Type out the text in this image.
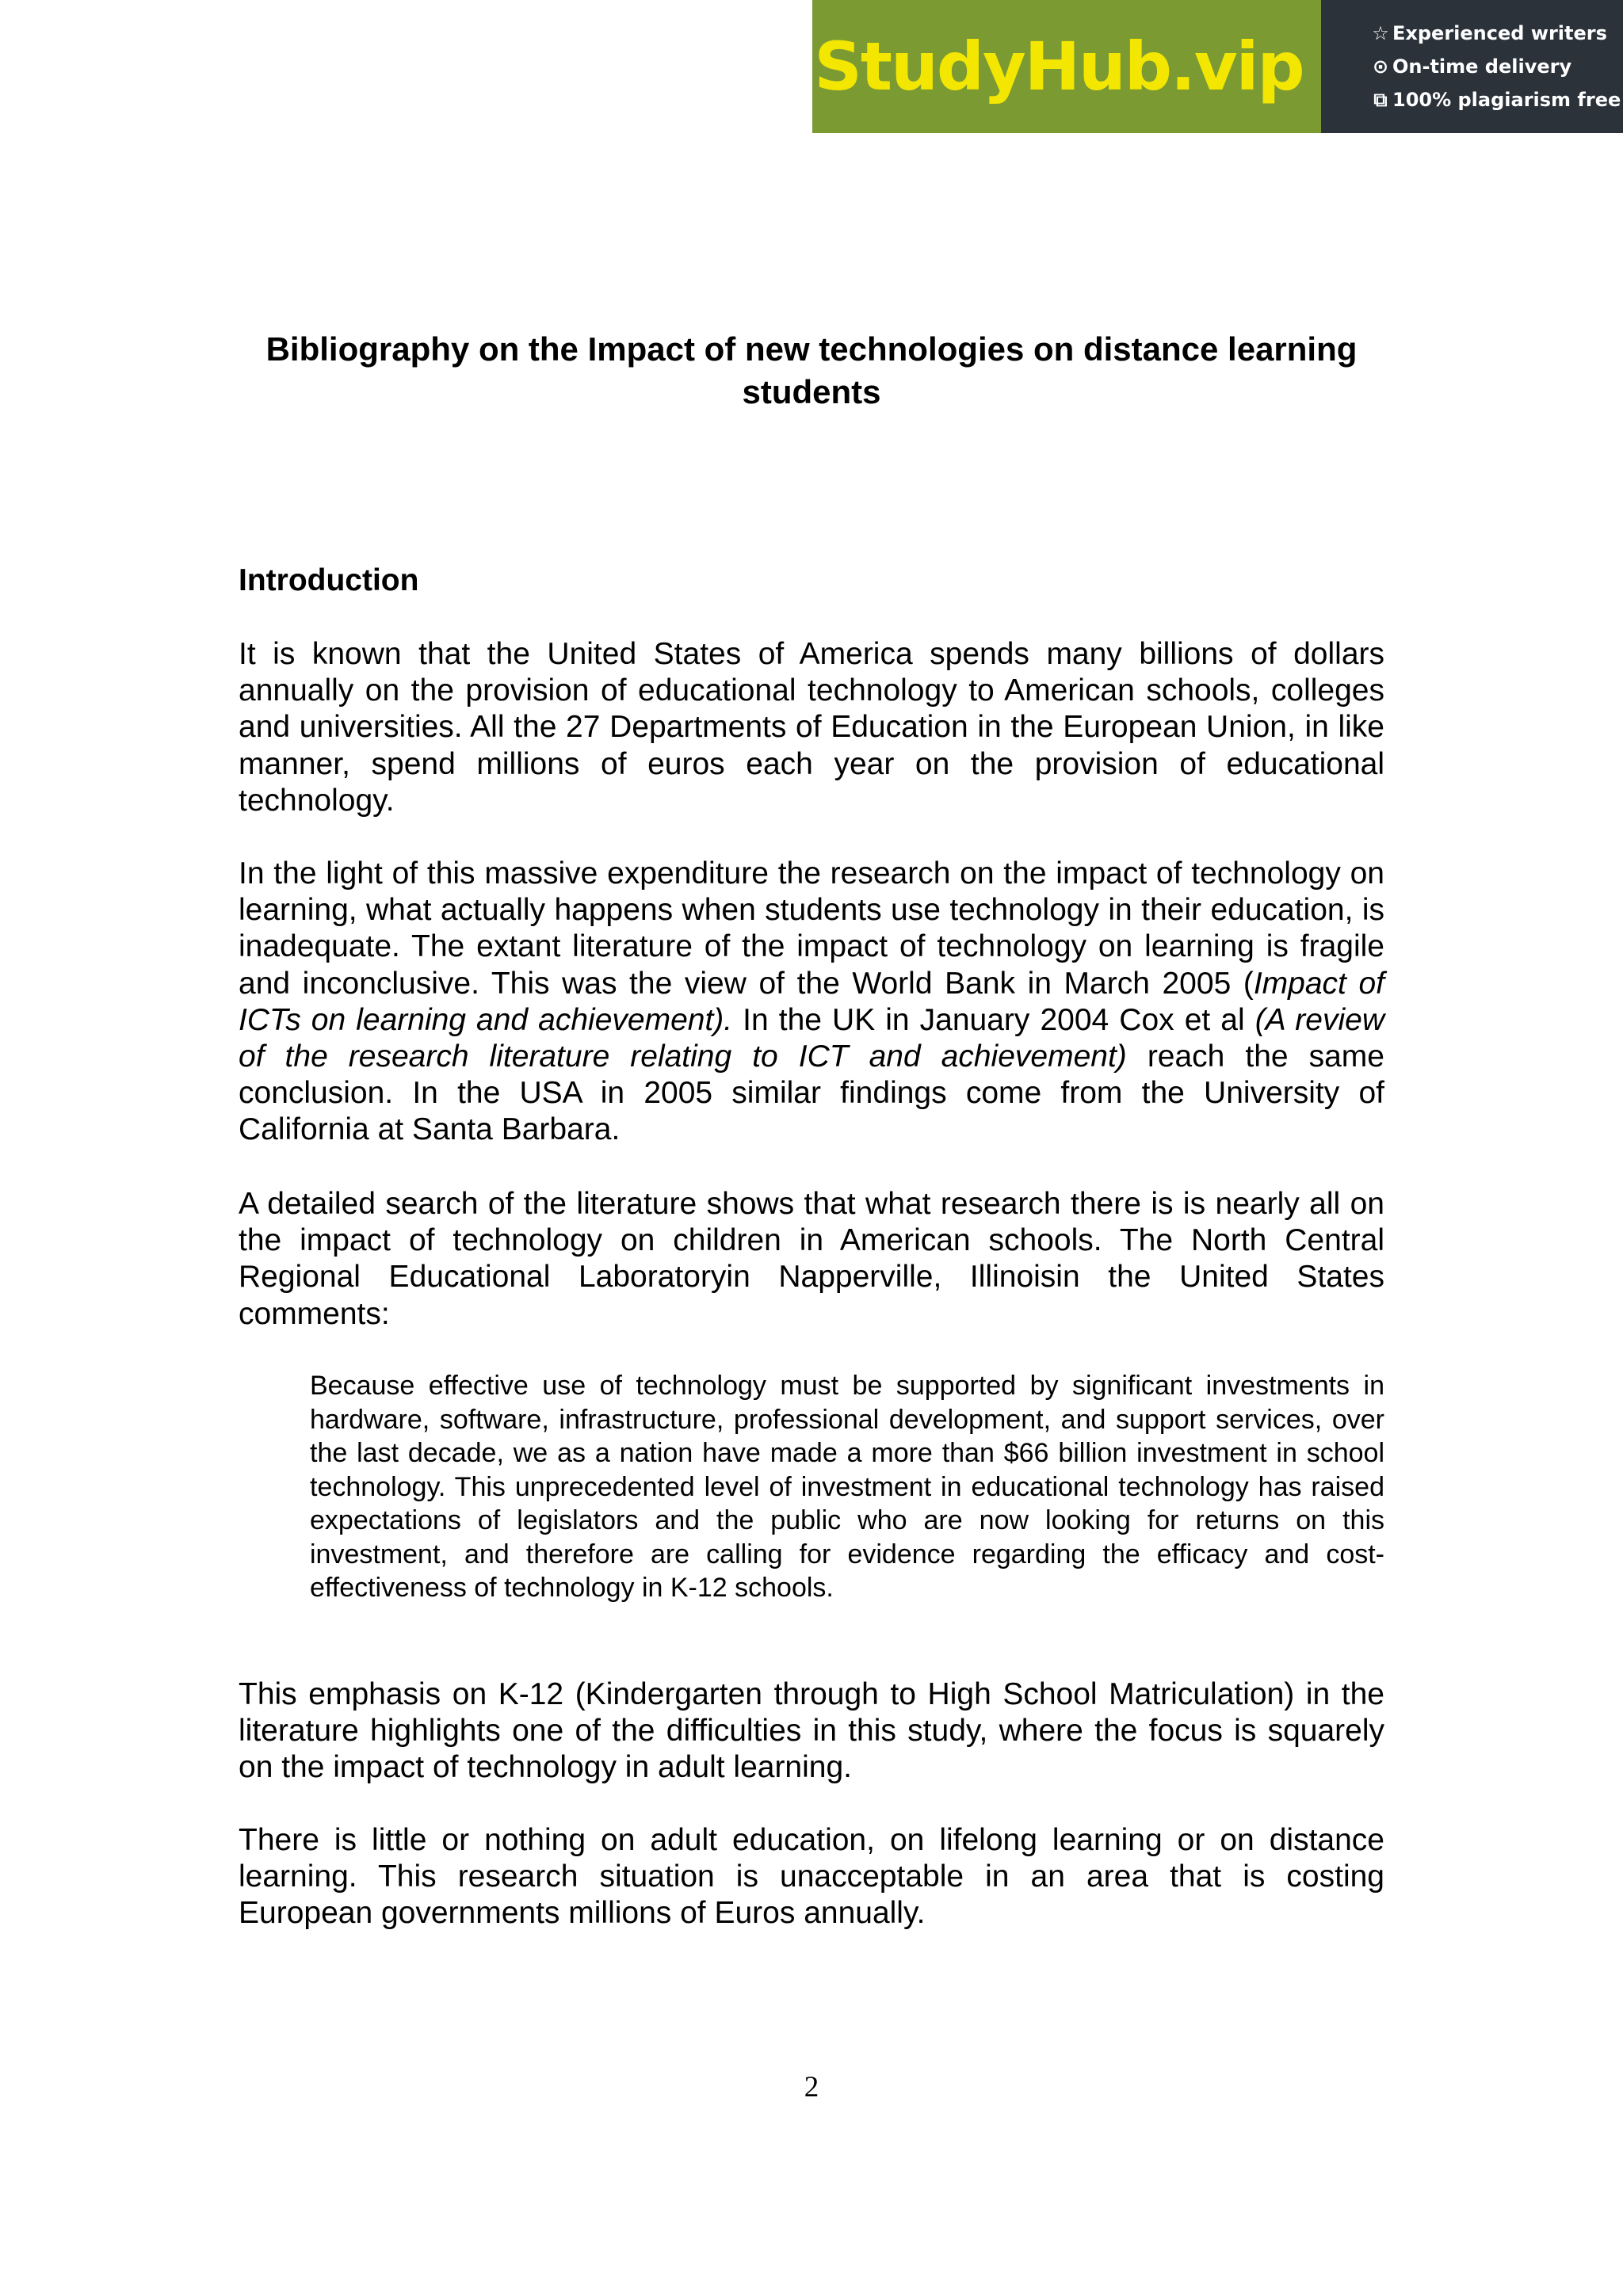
StudyHub.vip	☆ Experienced writers
⊙ On-time delivery
⧉ 100% plagiarism free
Bibliography on the Impact of new technologies on distance learning students
Introduction

It is known that the United States of America spends many billions of dollars annually on the provision of educational technology to American schools, colleges and universities. All the 27 Departments of Education in the European Union, in like manner, spend millions of euros each year on the provision of educational technology.

In the light of this massive expenditure the research on the impact of technology on learning, what actually happens when students use technology in their education, is inadequate. The extant literature of the impact of technology on learning is fragile and inconclusive. This was the view of the World Bank in March 2005 (Impact of ICTs on learning and achievement). In the UK in January 2004 Cox et al (A review of the research literature relating to ICT and achievement) reach the same conclusion. In the USA in 2005 similar findings come from the University of California at Santa Barbara.

A detailed search of the literature shows that what research there is is nearly all on the impact of technology on children in American schools. The North Central Regional Educational Laboratoryin Napperville, Illinoisin the United States comments:

Because effective use of technology must be supported by significant investments in hardware, software, infrastructure, professional development, and support services, over the last decade, we as a nation have made a more than $66 billion investment in school technology. This unprecedented level of investment in educational technology has raised expectations of legislators and the public who are now looking for returns on this investment, and therefore are calling for evidence regarding the efficacy and cost-effectiveness of technology in K-12 schools.

This emphasis on K-12 (Kindergarten through to High School Matriculation) in the literature highlights one of the difficulties in this study, where the focus is squarely on the impact of technology in adult learning.

There is little or nothing on adult education, on lifelong learning or on distance learning. This research situation is unacceptable in an area that is costing European governments millions of Euros annually.

2
